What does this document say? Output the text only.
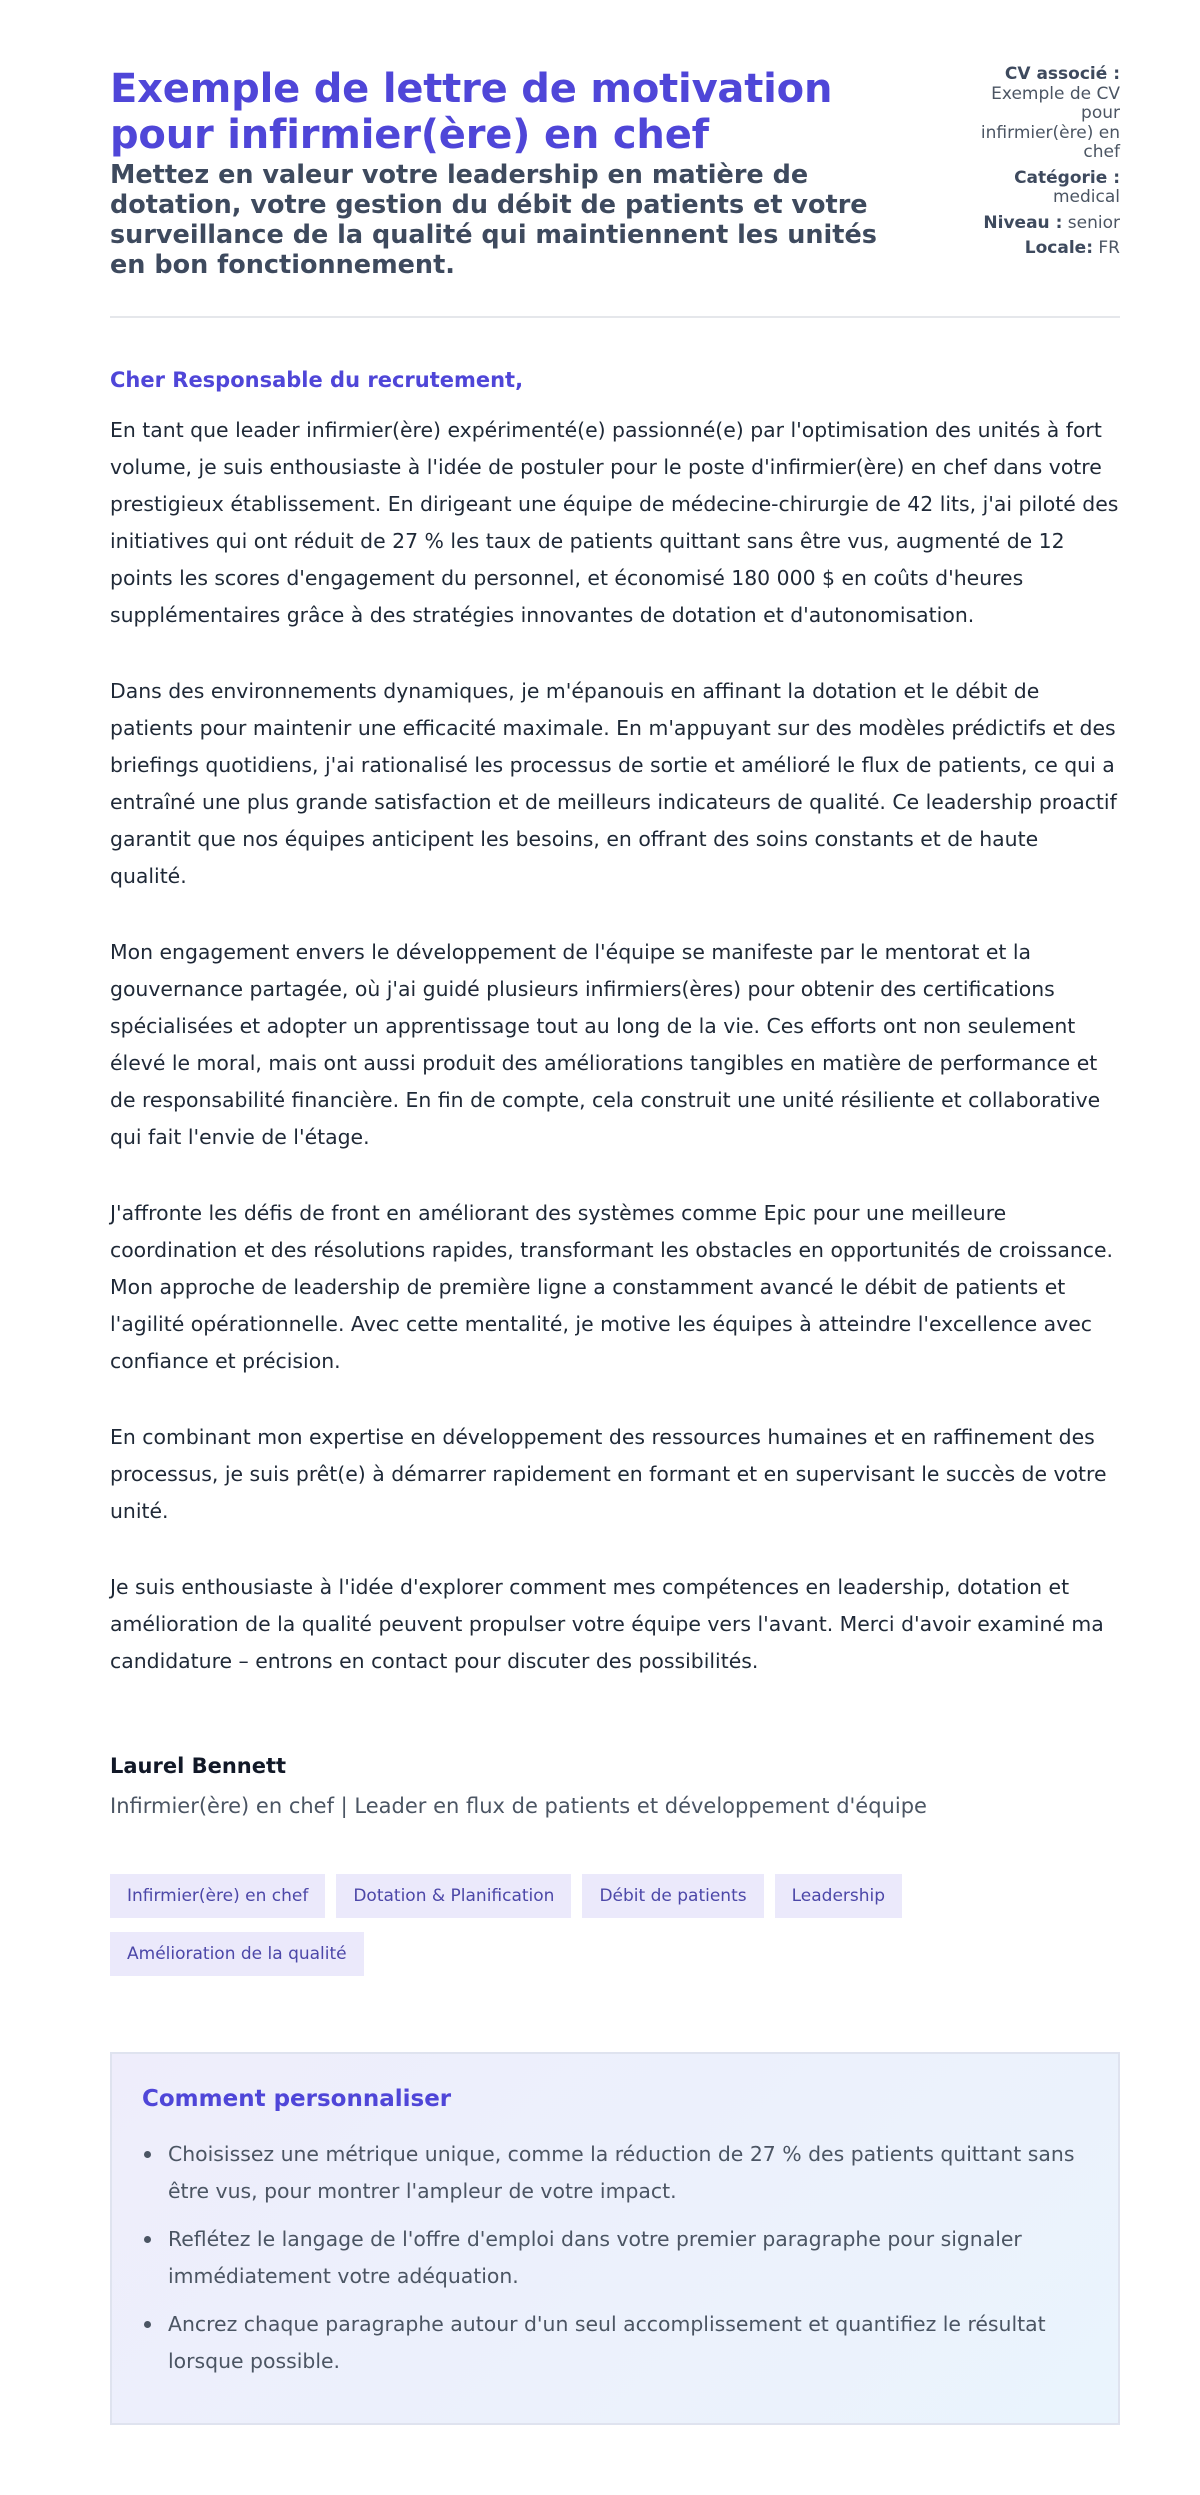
Exemple de lettre de motivation pour infirmier(ère) en chef
Mettez en valeur votre leadership en matière de dotation, votre gestion du débit de patients et votre surveillance de la qualité qui maintiennent les unités en bon fonctionnement.
CV associé :
Exemple de CV pour infirmier(ère) en chef
Catégorie :
medical
Niveau : senior
Locale: FR

Cher Responsable du recrutement,

En tant que leader infirmier(ère) expérimenté(e) passionné(e) par l'optimisation des unités à fort volume, je suis enthousiaste à l'idée de postuler pour le poste d'infirmier(ère) en chef dans votre prestigieux établissement. En dirigeant une équipe de médecine-chirurgie de 42 lits, j'ai piloté des initiatives qui ont réduit de 27 % les taux de patients quittant sans être vus, augmenté de 12 points les scores d'engagement du personnel, et économisé 180 000 $ en coûts d'heures supplémentaires grâce à des stratégies innovantes de dotation et d'autonomisation.

Dans des environnements dynamiques, je m'épanouis en affinant la dotation et le débit de patients pour maintenir une efficacité maximale. En m'appuyant sur des modèles prédictifs et des briefings quotidiens, j'ai rationalisé les processus de sortie et amélioré le flux de patients, ce qui a entraîné une plus grande satisfaction et de meilleurs indicateurs de qualité. Ce leadership proactif garantit que nos équipes anticipent les besoins, en offrant des soins constants et de haute qualité.

Mon engagement envers le développement de l'équipe se manifeste par le mentorat et la gouvernance partagée, où j'ai guidé plusieurs infirmiers(ères) pour obtenir des certifications spécialisées et adopter un apprentissage tout au long de la vie. Ces efforts ont non seulement élevé le moral, mais ont aussi produit des améliorations tangibles en matière de performance et de responsabilité financière. En fin de compte, cela construit une unité résiliente et collaborative qui fait l'envie de l'étage.

J'affronte les défis de front en améliorant des systèmes comme Epic pour une meilleure coordination et des résolutions rapides, transformant les obstacles en opportunités de croissance. Mon approche de leadership de première ligne a constamment avancé le débit de patients et l'agilité opérationnelle. Avec cette mentalité, je motive les équipes à atteindre l'excellence avec confiance et précision.

En combinant mon expertise en développement des ressources humaines et en raffinement des processus, je suis prêt(e) à démarrer rapidement en formant et en supervisant le succès de votre unité.

Je suis enthousiaste à l'idée d'explorer comment mes compétences en leadership, dotation et amélioration de la qualité peuvent propulser votre équipe vers l'avant. Merci d'avoir examiné ma candidature – entrons en contact pour discuter des possibilités.

Laurel Bennett
Infirmier(ère) en chef | Leader en flux de patients et développement d'équipe
Infirmier(ère) en chef	Dotation & Planification	Débit de patients	Leadership
Amélioration de la qualité
Comment personnaliser
Choisissez une métrique unique, comme la réduction de 27 % des patients quittant sans être vus, pour montrer l'ampleur de votre impact.
Reflétez le langage de l'offre d'emploi dans votre premier paragraphe pour signaler immédiatement votre adéquation.
Ancrez chaque paragraphe autour d'un seul accomplissement et quantifiez le résultat lorsque possible.
